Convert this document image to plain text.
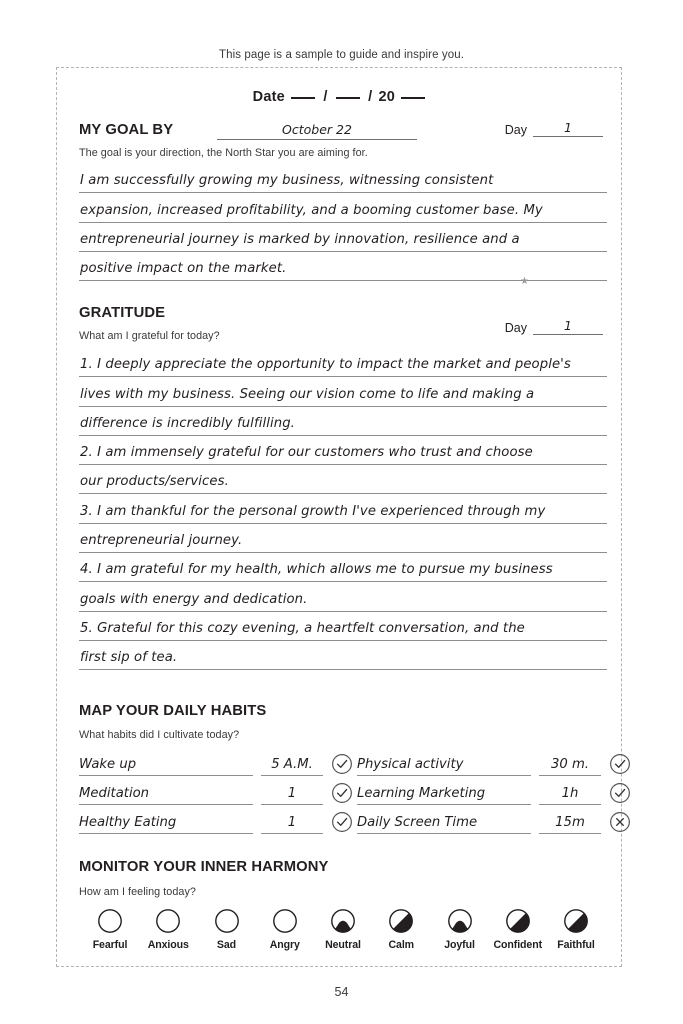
This page is a sample to guide and inspire you.
Date	/	/ 20
MY GOAL BY
The goal is your direction, the North Star you are aiming for.
October 22	Day	1
I am successfully growing my business, witnessing consistent
expansion, increased profitability, and a booming customer base. My
entrepreneurial journey is marked by innovation, resilience and a
positive impact on the market.
★
GRATITUDE
What am I grateful for today?
Day	1
1. I deeply appreciate the opportunity to impact the market and people's
lives with my business. Seeing our vision come to life and making a
difference is incredibly fulfilling.
2. I am immensely grateful for our customers who trust and choose
our products/services.
3. I am thankful for the personal growth I've experienced through my
entrepreneurial journey.
4. I am grateful for my health, which allows me to pursue my business
goals with energy and dedication.
5. Grateful for this cozy evening, a heartfelt conversation, and the
first sip of tea.
MAP YOUR DAILY HABITS
What habits did I cultivate today?
Wake up	5 A.M.	Physical activity	30 m.
Meditation	1	Learning Marketing	1h
Healthy Eating	1	Daily Screen Time	15m
MONITOR YOUR INNER HARMONY
How am I feeling today?
Fearful	Anxious	Sad	Angry	Neutral	Calm	Joyful	Confident	Faithful
54
